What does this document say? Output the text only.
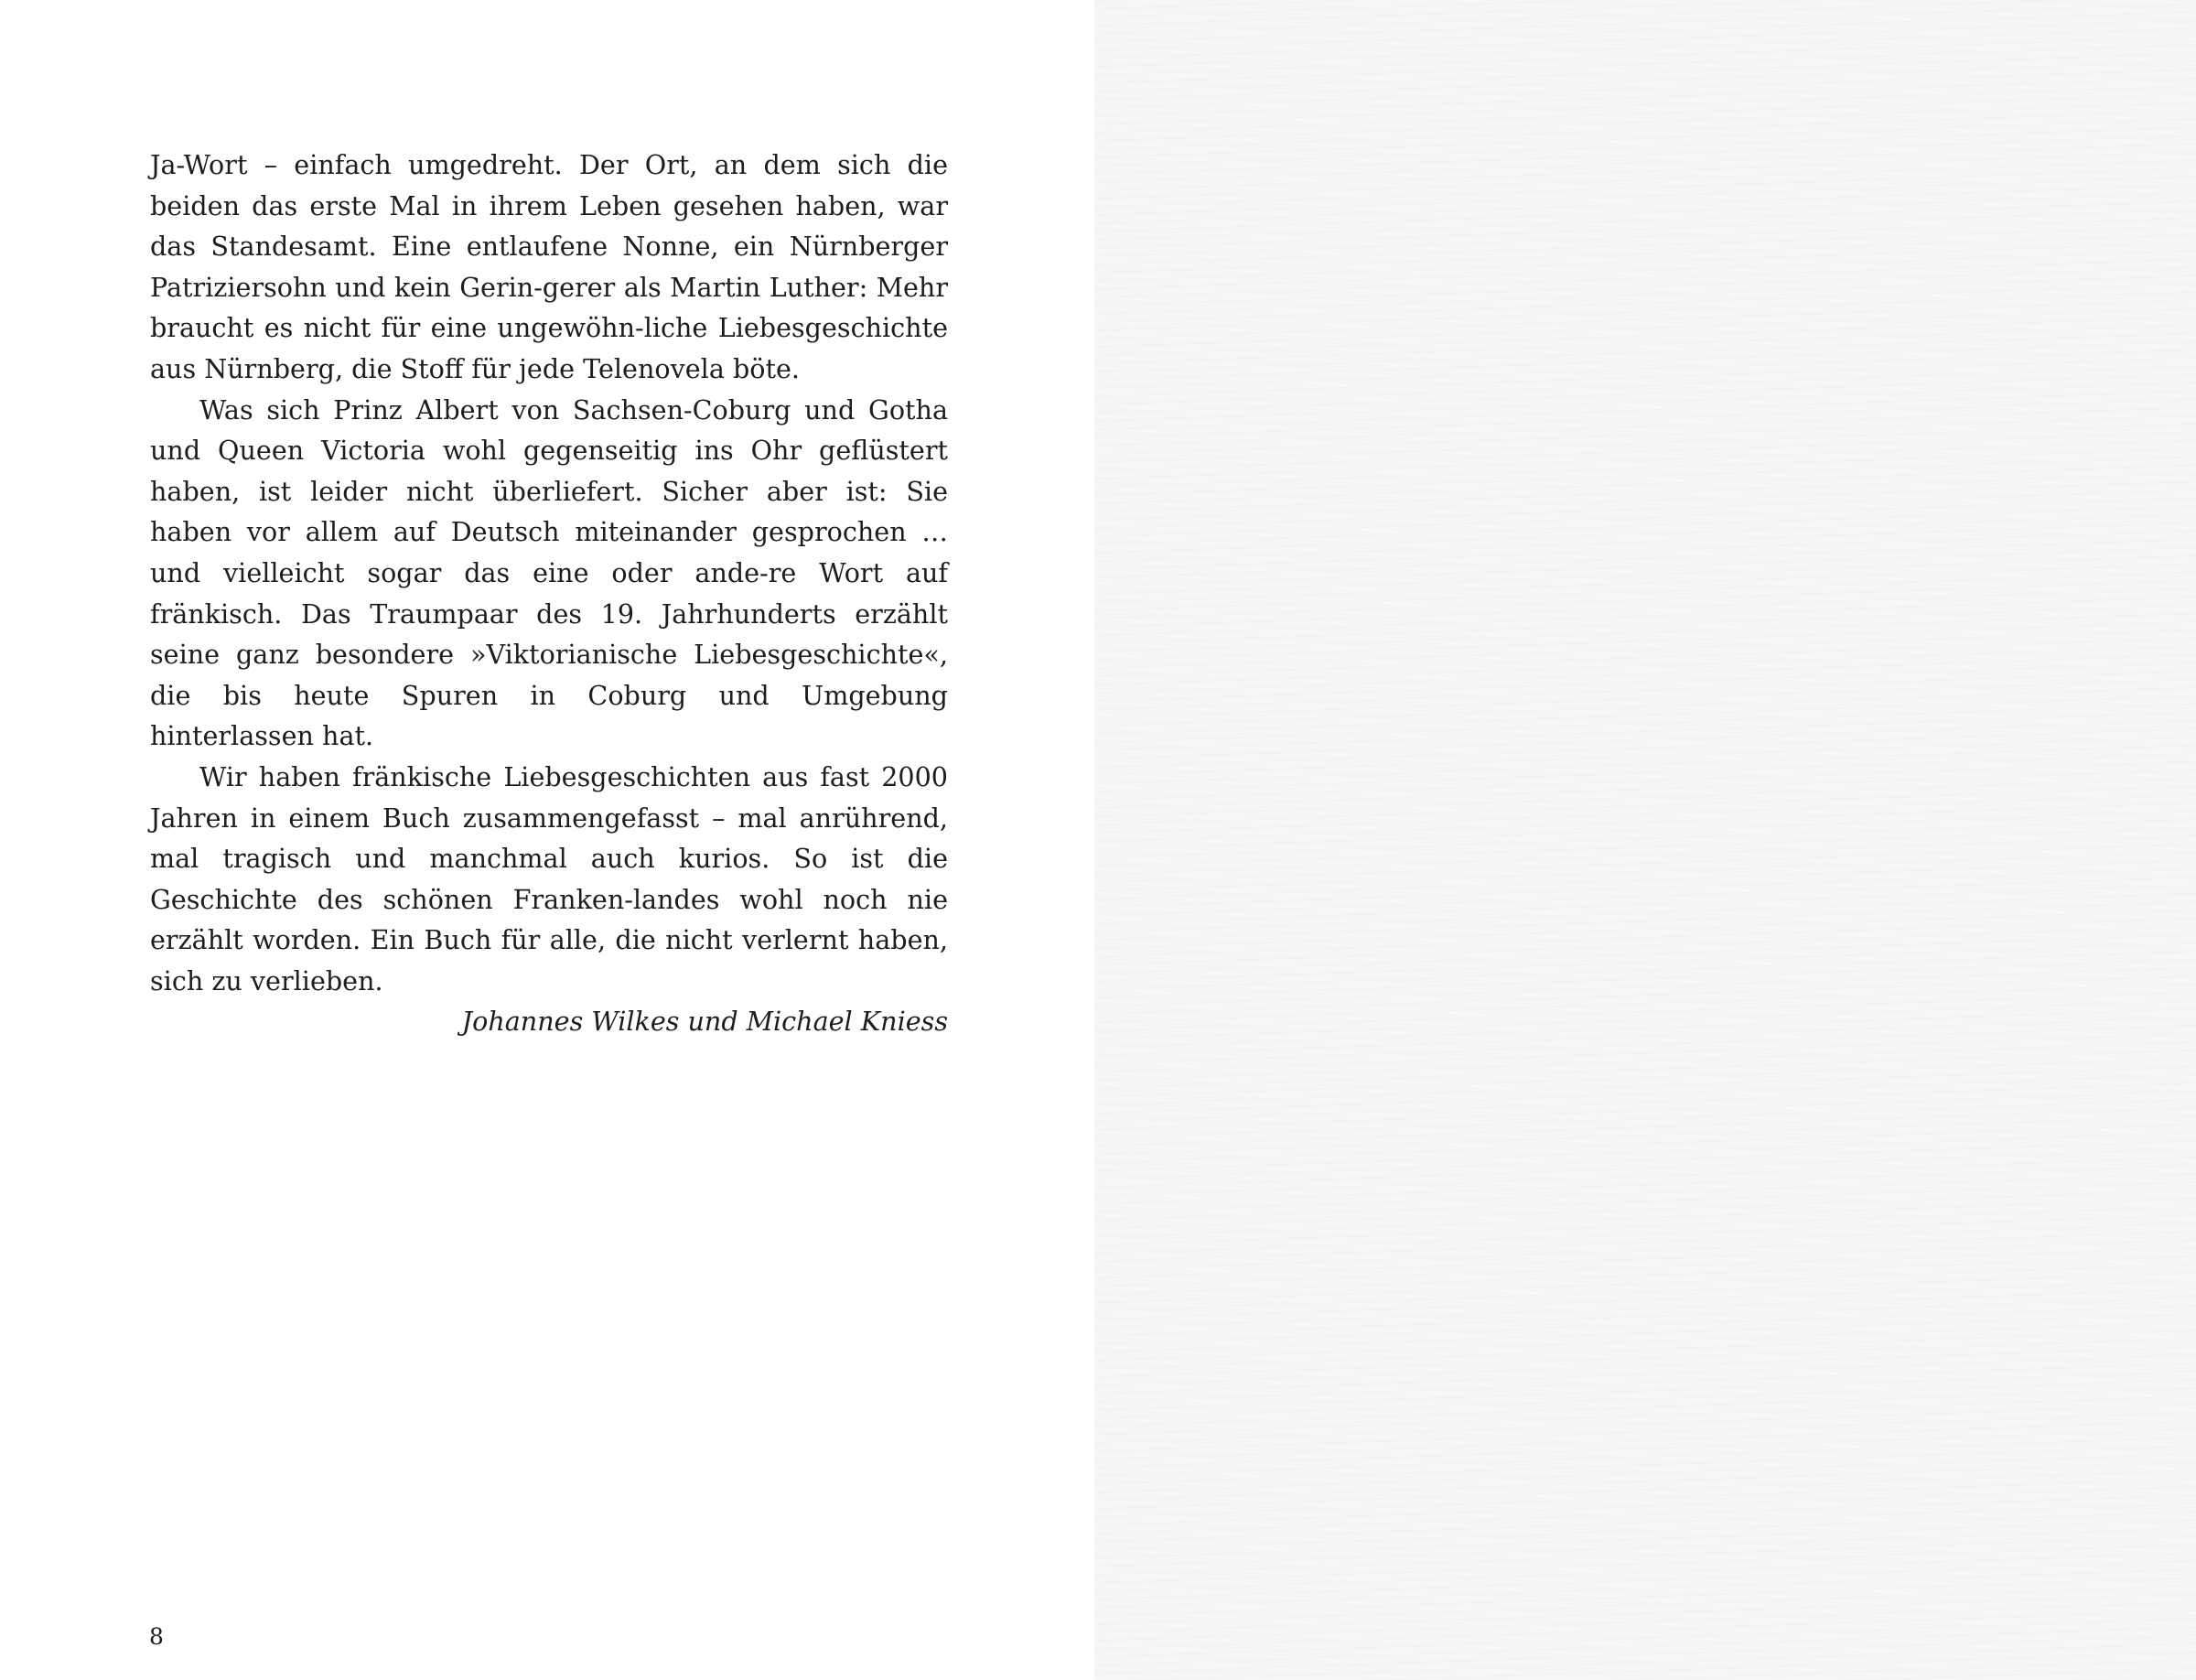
Ja-Wort – einfach umgedreht. Der Ort, an dem sich die beiden das erste Mal in ihrem Leben gesehen haben, war das Standesamt. Eine entlaufene Nonne, ein Nürnberger Patriziersohn und kein Gerin-gerer als Martin Luther: Mehr braucht es nicht für eine ungewöhn-liche Liebesgeschichte aus Nürnberg, die Stoff für jede Telenovela böte.

Was sich Prinz Albert von Sachsen-Coburg und Gotha und Queen Victoria wohl gegenseitig ins Ohr geflüstert haben, ist leider nicht überliefert. Sicher aber ist: Sie haben vor allem auf Deutsch miteinander gesprochen … und vielleicht sogar das eine oder ande-re Wort auf fränkisch. Das Traumpaar des 19. Jahrhunderts erzählt seine ganz besondere »Viktorianische Liebesgeschichte«, die bis heute Spuren in Coburg und Umgebung hinterlassen hat.

Wir haben fränkische Liebesgeschichten aus fast 2000 Jahren in einem Buch zusammengefasst – mal anrührend, mal tragisch und manchmal auch kurios. So ist die Geschichte des schönen Franken-landes wohl noch nie erzählt worden. Ein Buch für alle, die nicht verlernt haben, sich zu verlieben.

Johannes Wilkes und Michael Kniess

8
